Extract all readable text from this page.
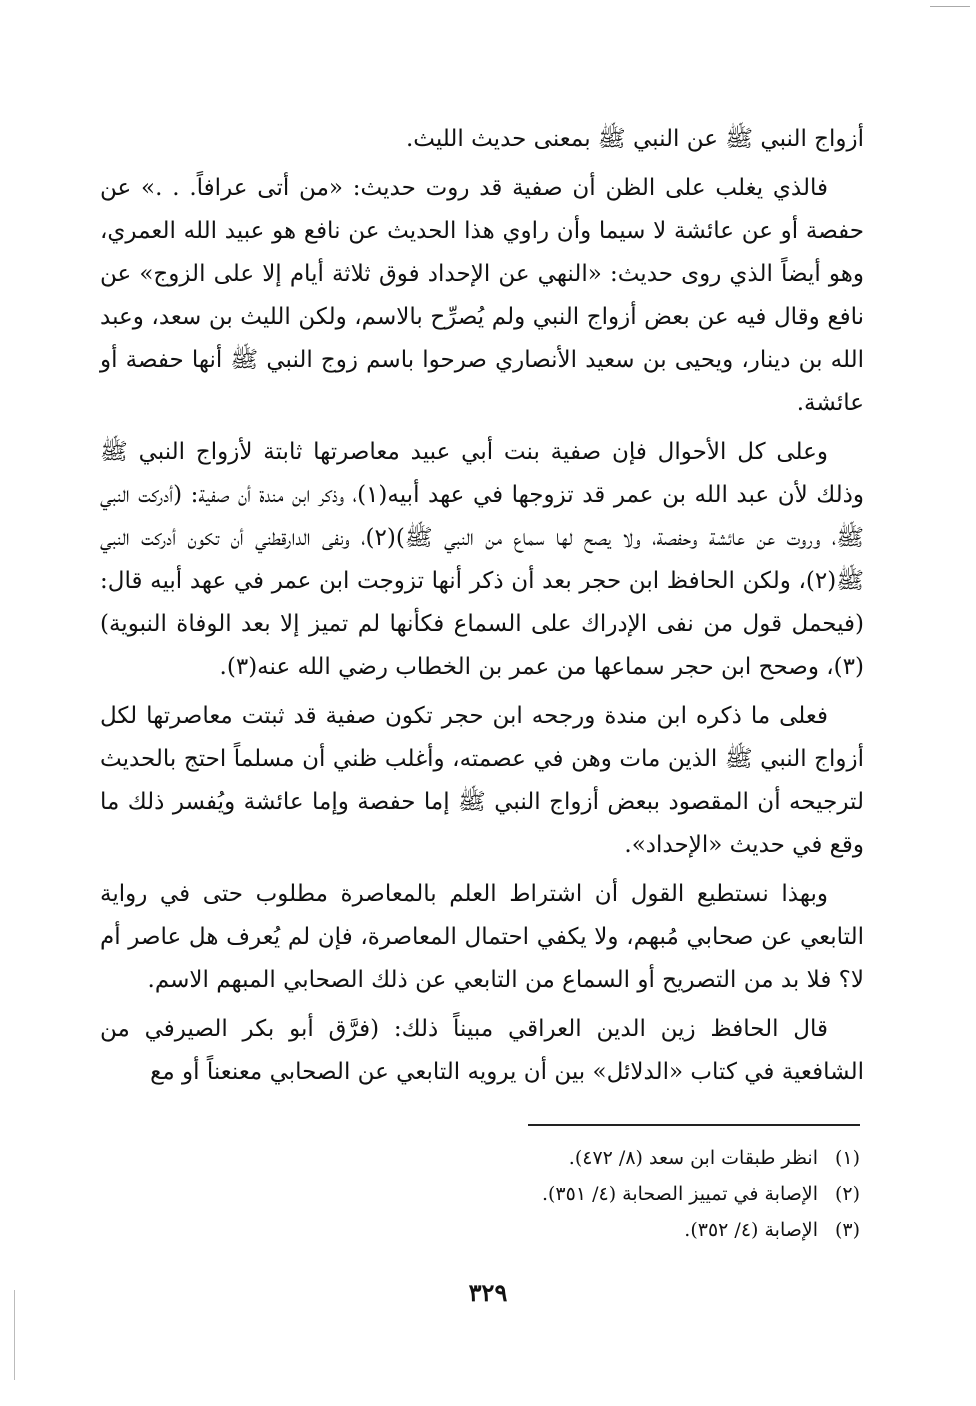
أزواج النبي ﷺ عن النبي ﷺ بمعنى حديث الليث.

فالذي يغلب على الظن أن صفية قد روت حديث: «من أتى عرافاً. . .» عن حفصة أو عن عائشة لا سيما وأن راوي هذا الحديث عن نافع هو عبيد الله العمري، وهو أيضاً الذي روى حديث: «النهي عن الإحداد فوق ثلاثة أيام إلا على الزوج» عن نافع وقال فيه عن بعض أزواج النبي ولم يُصرِّح بالاسم، ولكن الليث بن سعد، وعبد الله بن دينار، ويحيى بن سعيد الأنصاري صرحوا باسم زوج النبي ﷺ أنها حفصة أو عائشة.

وعلى كل الأحوال فإن صفية بنت أبي عبيد معاصرتها ثابتة لأزواج النبي ﷺ وذلك لأن عبد الله بن عمر قد تزوجها في عهد أبيه(١)، وذكر ابن مندة أن صفية: (أدركت النبي ﷺ، وروت عن عائشة وحفصة، ولا يصح لها سماع من النبي ﷺ)(٢)، ونفى الدارقطني أن تكون أدركت النبي ﷺ(٢)، ولكن الحافظ ابن حجر بعد أن ذكر أنها تزوجت ابن عمر في عهد أبيه قال: (فيحمل قول من نفى الإدراك على السماع فكأنها لم تميز إلا بعد الوفاة النبوية)(٣)، وصحح ابن حجر سماعها من عمر بن الخطاب رضي الله عنه(٣).

فعلى ما ذكره ابن مندة ورجحه ابن حجر تكون صفية قد ثبتت معاصرتها لكل أزواج النبي ﷺ الذين مات وهن في عصمته، وأغلب ظني أن مسلماً احتج بالحديث لترجيحه أن المقصود ببعض أزواج النبي ﷺ إما حفصة وإما عائشة ويُفسر ذلك ما وقع في حديث «الإحداد».

وبهذا نستطيع القول أن اشتراط العلم بالمعاصرة مطلوب حتى في رواية التابعي عن صحابي مُبهم، ولا يكفي احتمال المعاصرة، فإن لم يُعرف هل عاصر أم لا؟ فلا بد من التصريح أو السماع من التابعي عن ذلك الصحابي المبهم الاسم.

قال الحافظ زين الدين العراقي مبيناً ذلك: (فرَّق أبو بكر الصيرفي من الشافعية في كتاب «الدلائل» بين أن يرويه التابعي عن الصحابي معنعناً أو مع

(١)انظر طبقات ابن سعد (٨/ ٤٧٢).
(٢)الإصابة في تمييز الصحابة (٤/ ٣٥١).
(٣)الإصابة (٤/ ٣٥٢).
٣٢٩
